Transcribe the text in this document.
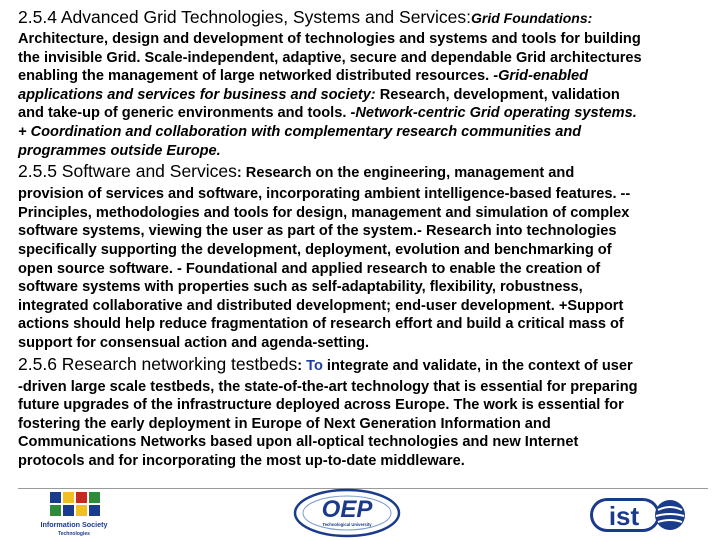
2.5.4 Advanced Grid Technologies, Systems and Services:Grid Foundations:
Architecture, design and development of technologies and systems and tools for building
the invisible Grid. Scale-independent, adaptive, secure and dependable Grid architectures
enabling the management of large networked distributed resources. -Grid-enabled
applications and services for business and society: Research, development, validation
and take-up of generic environments and tools. -Network-centric Grid operating systems.
+ Coordination and collaboration with complementary research communities and
programmes outside Europe.
2.5.5 Software and Services: Research on the engineering, management and
provision of services and software, incorporating ambient intelligence-based features. --
Principles, methodologies and tools for design, management and simulation of complex
software systems, viewing the user as part of the system.- Research into technologies
specifically supporting the development, deployment, evolution and benchmarking of
open source software. - Foundational and applied research to enable the creation of
software systems with properties such as self-adaptability, flexibility, robustness,
integrated collaborative and distributed development; end-user development. +Support
actions should help reduce fragmentation of research effort and build a critical mass of
support for consensual action and agenda-setting.
2.5.6 Research networking testbeds: To integrate and validate, in the context of user
-driven large scale testbeds, the state-of-the-art technology that is essential for preparing
future upgrades of the infrastructure deployed across Europe. The work is essential for
fostering the early deployment in Europe of Next Generation Information and
Communications Networks based upon all-optical technologies and new Internet
protocols and for incorporating the most up-to-date middleware.
Information Society
Technologies
OEP
Technological University	ist
